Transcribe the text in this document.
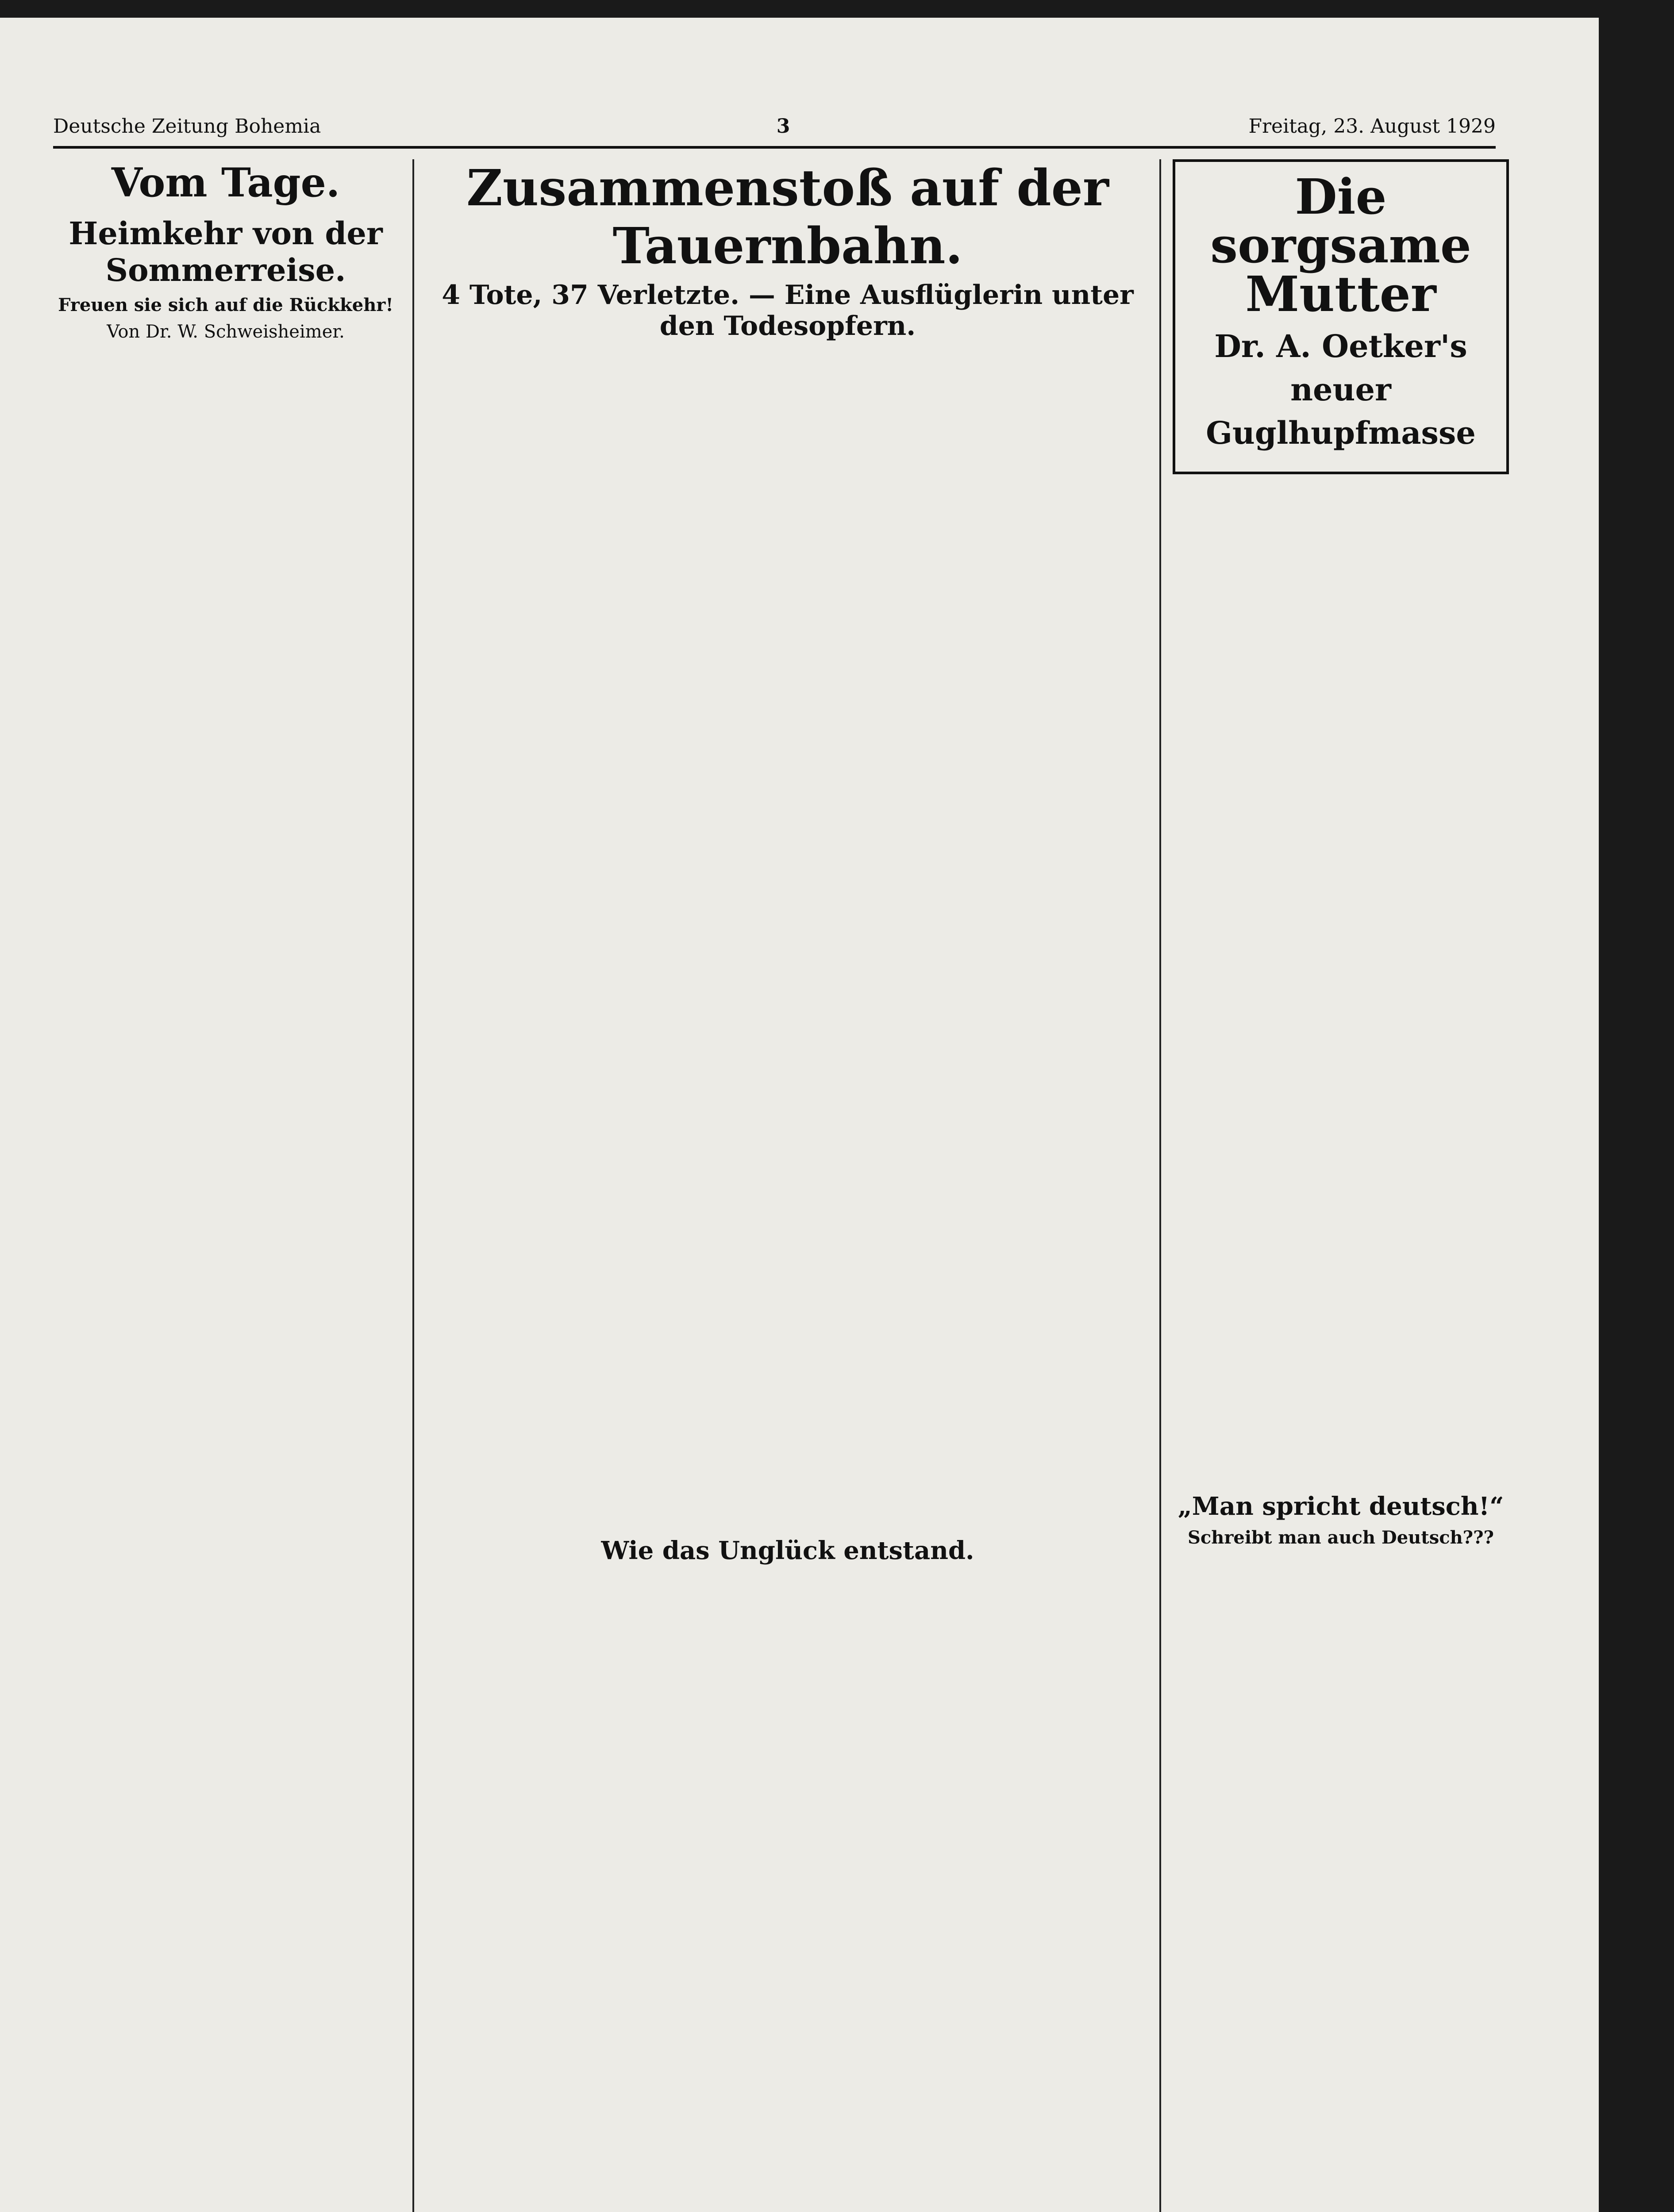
Deutsche Zeitung Bohemia	3	Freitag, 23. August 1929
Vom Tage.
Heimkehr von der Sommerreise.
Freuen sie sich auf die Rückkehr!
Von Dr. W. Schweisheimer.
Zusammenstoß auf der Tauernbahn.
4 Tote, 37 Verletzte. — Eine Ausflüglerin unter den Todesopfern.
Wie das Unglück entstand.
Die sorgsame Mutter
Dr. A. Oetker's neuer Guglhupfmasse
„Man spricht deutsch!“
Schreibt man auch Deutsch???
